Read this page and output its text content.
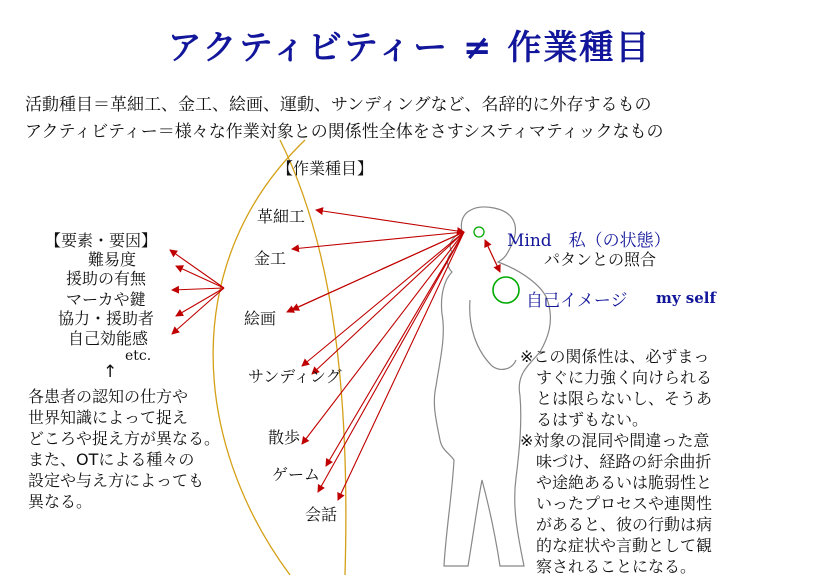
アクティビティー ≠ 作業種目
活動種目＝革細工、金工、絵画、運動、サンディングなど、名辞的に外存するもの
アクティビティー＝様々な作業対象との関係性全体をさすシスティマティックなもの
【作業種目】
革細工
金工
絵画
サンディング
散歩
ゲーム
会話
【要素・要因】
難易度
援助の有無
マーカや鍵
協力・援助者
自己効能感
etc.
↑
各患者の認知の仕方や
世界知識によって捉え
どころや捉え方が異なる。
また、OTによる種々の
設定や与え方によっても
異なる。
Mind　私（の状態）
パタンとの照合
自己イメージ my self
※この関係性は、必ずまっ
　すぐに力強く向けられる
　とは限らないし、そうあ
　るはずもない。
※対象の混同や間違った意
　味づけ、経路の紆余曲折
　や途絶あるいは脆弱性と
　いったプロセスや連関性
　があると、彼の行動は病
　的な症状や言動として観
　察されることになる。
